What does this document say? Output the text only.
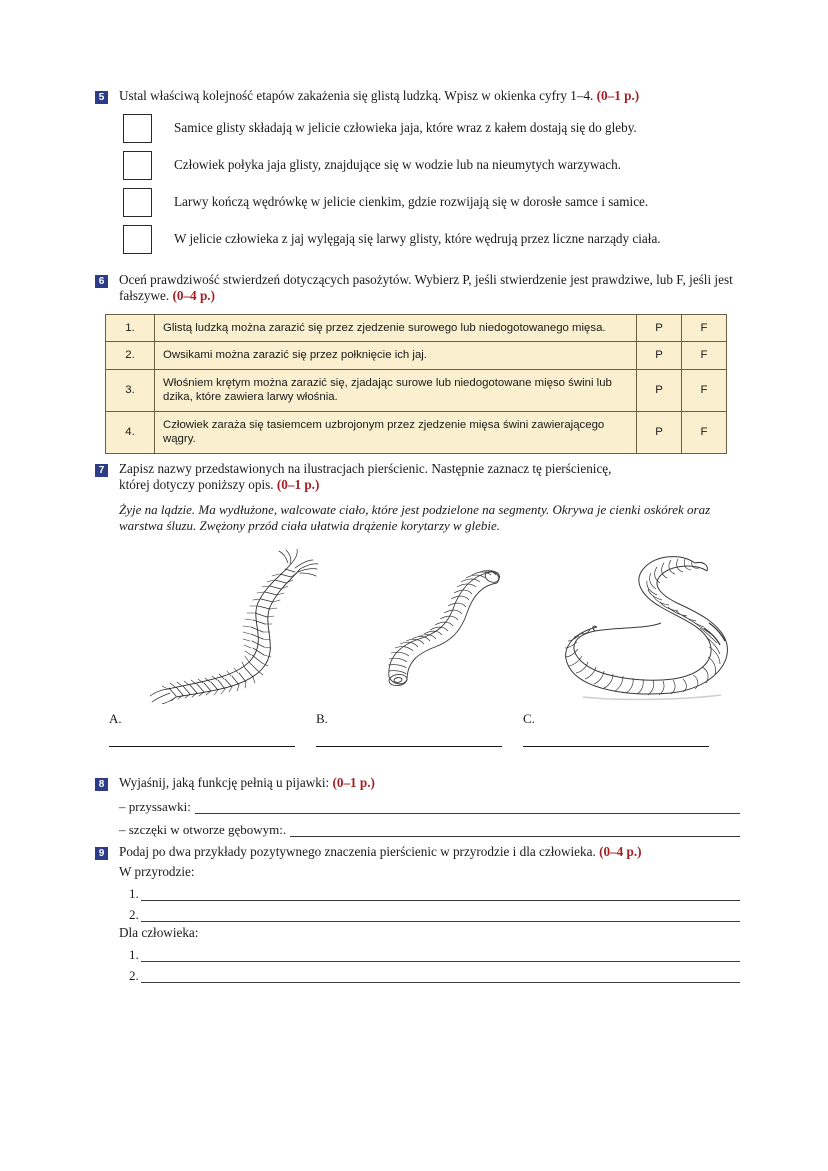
5 Ustal właściwą kolejność etapów zakażenia się glistą ludzką. Wpisz w okienka cyfry 1–4. (0–1 p.)
Samice glisty składają w jelicie człowieka jaja, które wraz z kałem dostają się do gleby.
Człowiek połyka jaja glisty, znajdujące się w wodzie lub na nieumytych warzywach.
Larwy kończą wędrówkę w jelicie cienkim, gdzie rozwijają się w dorosłe samce i samice.
W jelicie człowieka z jaj wylęgają się larwy glisty, które wędrują przez liczne narządy ciała.
6 Oceń prawdziwość stwierdzeń dotyczących pasożytów. Wybierz P, jeśli stwierdzenie jest prawdziwe, lub F, jeśli jest fałszywe. (0–4 p.)
1.	Glistą ludzką można zarazić się przez zjedzenie surowego lub niedogotowanego mięsa.	P	F
2.	Owsikami można zarazić się przez połknięcie ich jaj.	P	F
3.	Włośniem krętym można zarazić się, zjadając surowe lub niedogotowane mięso świni lub dzika, które zawiera larwy włośnia.	P	F
4.	Człowiek zaraża się tasiemcem uzbrojonym przez zjedzenie mięsa świni zawierającego wągry.	P	F
7 Zapisz nazwy przedstawionych na ilustracjach pierścienic. Następnie zaznacz tę pierścienicę,
której dotyczy poniższy opis. (0–1 p.)
Żyje na lądzie. Ma wydłużone, walcowate ciało, które jest podzielone na segmenty. Okrywa je cienki oskórek oraz warstwa śluzu. Zwężony przód ciała ułatwia drążenie korytarzy w glebie.
A.	B.	C.
8 Wyjaśnij, jaką funkcję pełnią u pijawki: (0–1 p.)
– przyssawki:
– szczęki w otworze gębowym:.
9 Podaj po dwa przykłady pozytywnego znaczenia pierścienic w przyrodzie i dla człowieka. (0–4 p.)
W przyrodzie:
1.
2.
Dla człowieka:
1.
2.
